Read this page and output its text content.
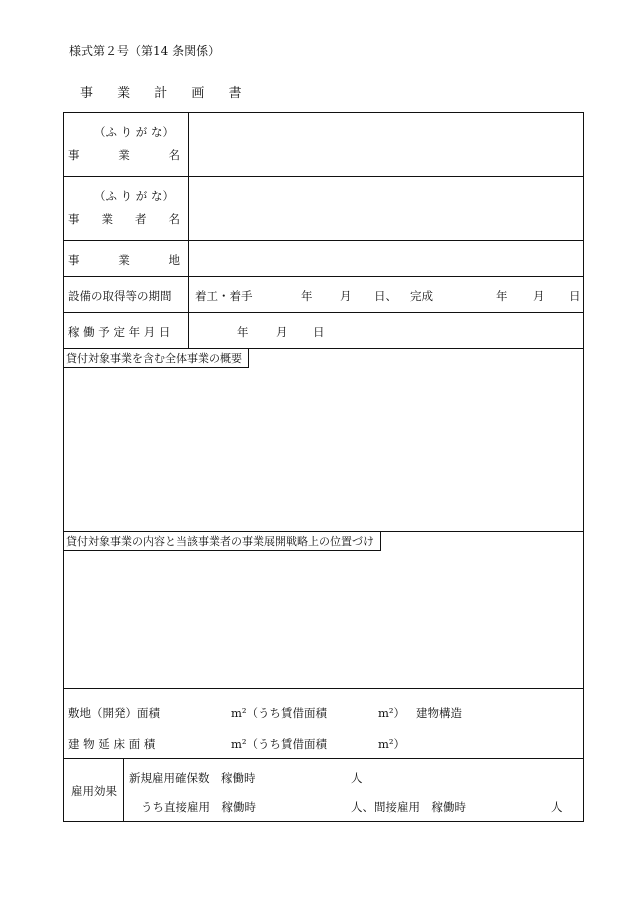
様式第２号（第14 条関係）
事 業 計 画 書
（ふ り が な）
事	業	名
（ふ り が な）
事 業 者 名
事	業	地
設備の取得等の期間 着工・着手	年 月 日、 完成	年 月 日
稼 働 予 定 年 月 日	年 月 日
貸付対象事業を含む全体事業の概要
貸付対象事業の内容と当該事業者の事業展開戦略上の位置づけ
敷地（開発）面積	m²（うち賃借面積	m²） 建物構造
建 物 延 床 面 積	m²（うち賃借面積	m²）
雇用効果
新規雇用確保数　稼働時	人
うち直接雇用　稼働時	人、間接雇用　稼働時	人
